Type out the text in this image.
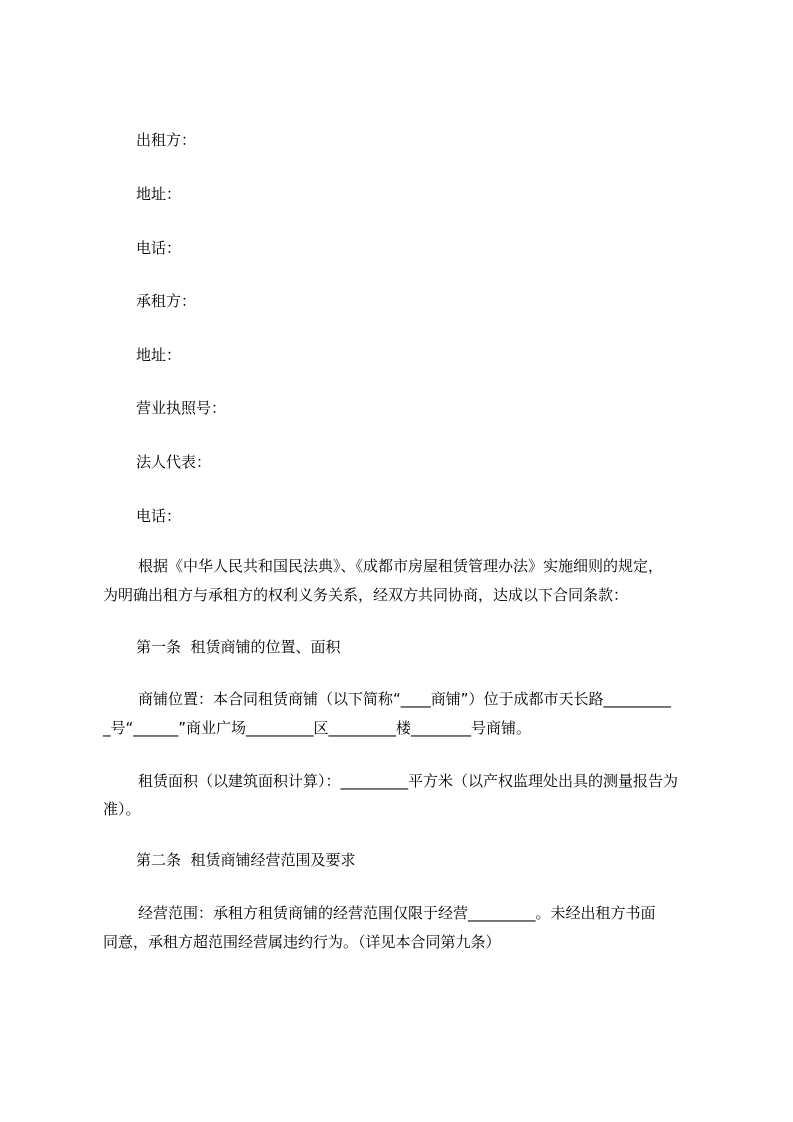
出租方：
地址：
电话：
承租方：
地址：
营业执照号：
法人代表：
电话：
根据《中华人民共和国民法典》、《成都市房屋租赁管理办法》实施细则的规定，
为明确出租方与承租方的权利义务关系，经双方共同协商，达成以下合同条款：
第一条  租赁商铺的位置、面积
商铺位置：本合同租赁商铺（以下简称“____商铺”）位于成都市天长路_________
_号“______”商业广场_________区_________楼________号商铺。
租赁面积（以建筑面积计算）：_________平方米（以产权监理处出具的测量报告为
准）。
第二条  租赁商铺经营范围及要求
经营范围：承租方租赁商铺的经营范围仅限于经营_________。未经出租方书面
同意，承租方超范围经营属违约行为。（详见本合同第九条）
